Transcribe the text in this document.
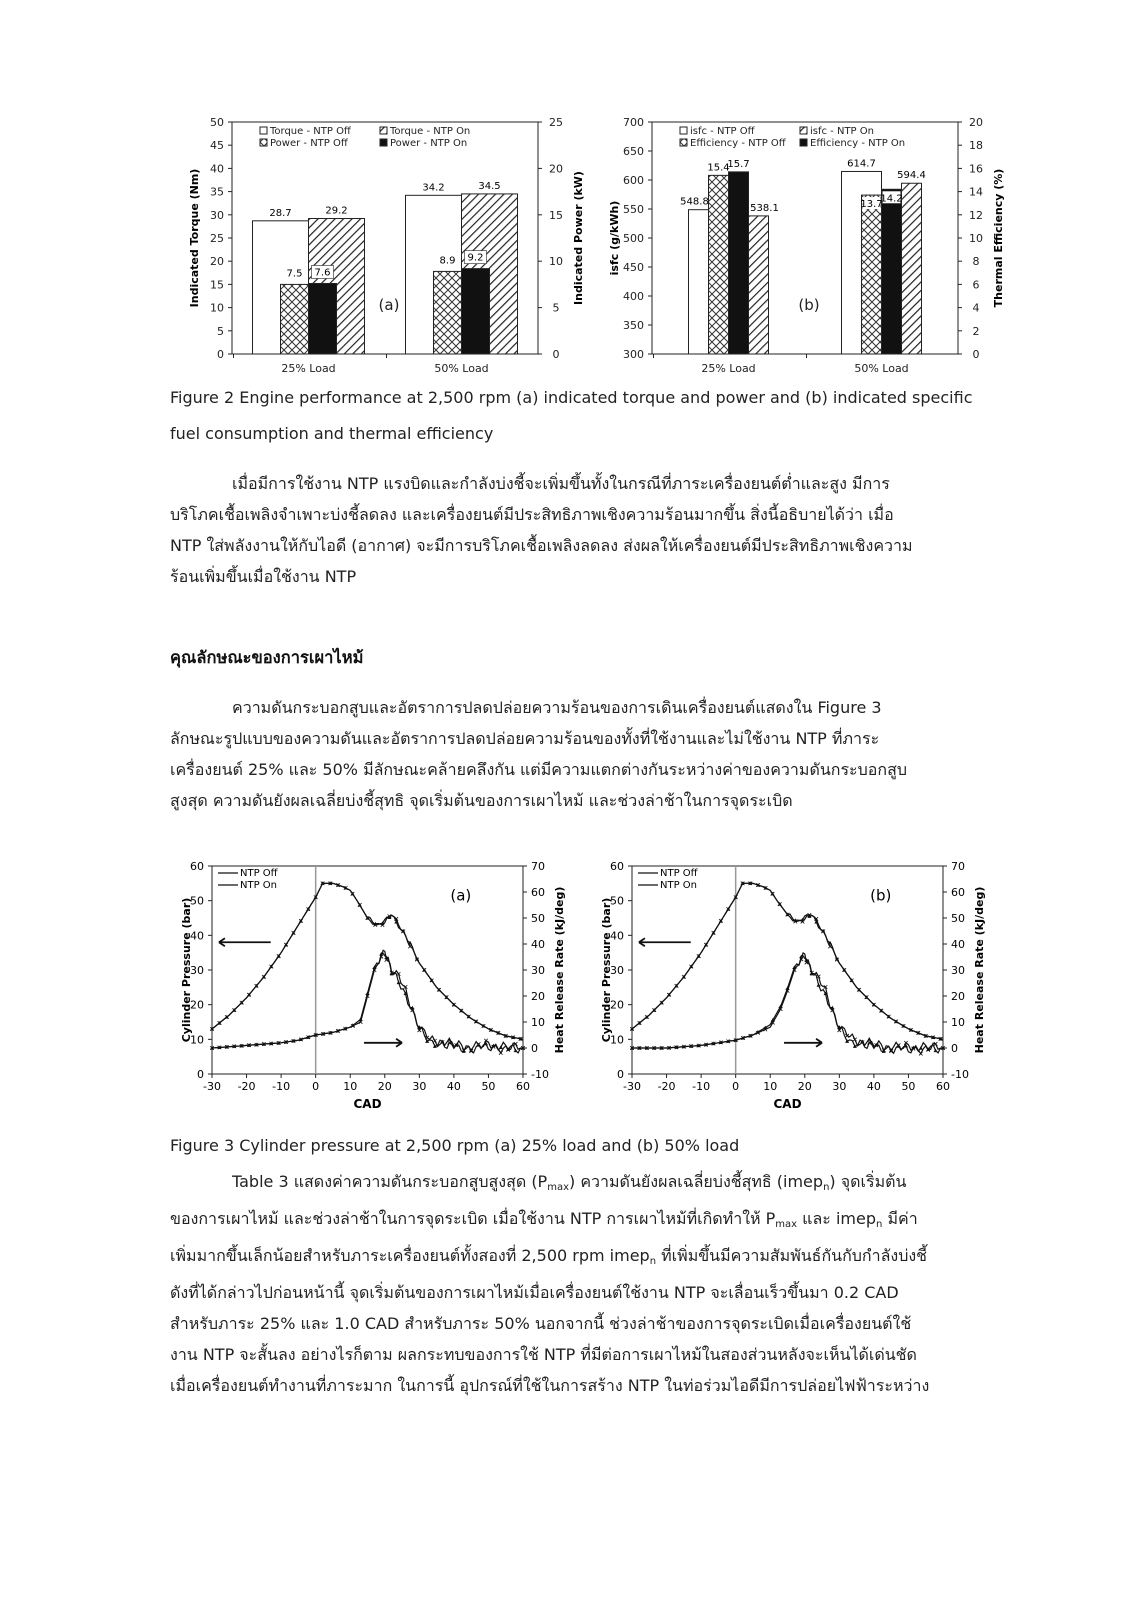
0
5
10
15
20
25
30
35
40
45
50
0
5
10
15
20
25
Indicated Torque (Nm)	Indicated Power (kW)
25% Load
28.7	29.2
7.5 7.6
50% Load
34.2	34.5
8.9 9.2
Torque - NTP Off	Torque - NTP On
Power - NTP Off	Power - NTP On
(a)
300
350
400
450
500
550
600
650
700
0
2
4
6
8
10
12
14
16
18
20
isfc (g/kWh)	Thermal Efficiency (%)
25% Load
548.8
538.1
15.4
15.7
50% Load
614.7
594.4
13.7
14.2
isfc - NTP Off	isfc - NTP On
Efficiency - NTP Off Efficiency - NTP On
(b)
Figure 2 Engine performance at 2,500 rpm (a) indicated torque and power and (b) indicated specific
fuel consumption and thermal efficiency
เมื่อมีการใช้งาน NTP แรงบิดและกำลังบ่งชี้จะเพิ่มขึ้นทั้งในกรณีที่ภาระเครื่องยนต์ต่ำและสูง มีการ
บริโภคเชื้อเพลิงจำเพาะบ่งชี้ลดลง และเครื่องยนต์มีประสิทธิภาพเชิงความร้อนมากขึ้น สิ่งนี้อธิบายได้ว่า เมื่อ
NTP ใส่พลังงานให้กับไอดี (อากาศ) จะมีการบริโภคเชื้อเพลิงลดลง ส่งผลให้เครื่องยนต์มีประสิทธิภาพเชิงความ
ร้อนเพิ่มขึ้นเมื่อใช้งาน NTP
คุณลักษณะของการเผาไหม้
ความดันกระบอกสูบและอัตราการปลดปล่อยความร้อนของการเดินเครื่องยนต์แสดงใน Figure 3
ลักษณะรูปแบบของความดันและอัตราการปลดปล่อยความร้อนของทั้งที่ใช้งานและไม่ใช้งาน NTP ที่ภาระ
เครื่องยนต์ 25% และ 50% มีลักษณะคล้ายคลึงกัน แต่มีความแตกต่างกันระหว่างค่าของความดันกระบอกสูบ
สูงสุด ความดันยังผลเฉลี่ยบ่งชี้สุทธิ จุดเริ่มต้นของการเผาไหม้ และช่วงล่าช้าในการจุดระเบิด
-30 -20 -10 0 10 20 30 40 50 60
0
10
20
30
40
50
60
-10
0
10
20
30
40
50
60
70
CAD
Cylinder Pressure (bar)	Heat Release Rate (kJ/deg)
NTP Off
NTP On
(a)
-30 -20 -10 0 10 20 30 40 50 60
0
10
20
30
40
50
60
-10
0
10
20
30
40
50
60
70
CAD
Cylinder Pressure (bar)	Heat Release Rate (kJ/deg)
NTP Off
NTP On
(b)
Figure 3 Cylinder pressure at 2,500 rpm (a) 25% load and (b) 50% load
Table 3 แสดงค่าความดันกระบอกสูบสูงสุด $(P_{max})$ ความดันยังผลเฉลี่ยบ่งชี้สุทธิ (imep$_n$) จุดเริ่มต้น
ของการเผาไหม้ และช่วงล่าช้าในการจุดระเบิด เมื่อใช้งาน NTP การเผาไหม้ที่เกิดทำให้ $P_{max}$ และ imep$_n$ มีค่า
เพิ่มมากขึ้นเล็กน้อยสำหรับภาระเครื่องยนต์ทั้งสองที่ 2,500 rpm imep$_n$ ที่เพิ่มขึ้นมีความสัมพันธ์กันกับกำลังบ่งชี้
ดังที่ได้กล่าวไปก่อนหน้านี้ จุดเริ่มต้นของการเผาไหม้เมื่อเครื่องยนต์ใช้งาน NTP จะเลื่อนเร็วขึ้นมา 0.2 CAD
สำหรับภาระ 25% และ 1.0 CAD สำหรับภาระ 50% นอกจากนี้ ช่วงล่าช้าของการจุดระเบิดเมื่อเครื่องยนต์ใช้
งาน NTP จะสั้นลง อย่างไรก็ตาม ผลกระทบของการใช้ NTP ที่มีต่อการเผาไหม้ในสองส่วนหลังจะเห็นได้เด่นชัด
เมื่อเครื่องยนต์ทำงานที่ภาระมาก ในการนี้ อุปกรณ์ที่ใช้ในการสร้าง NTP ในท่อร่วมไอดีมีการปล่อยไฟฟ้าระหว่าง
